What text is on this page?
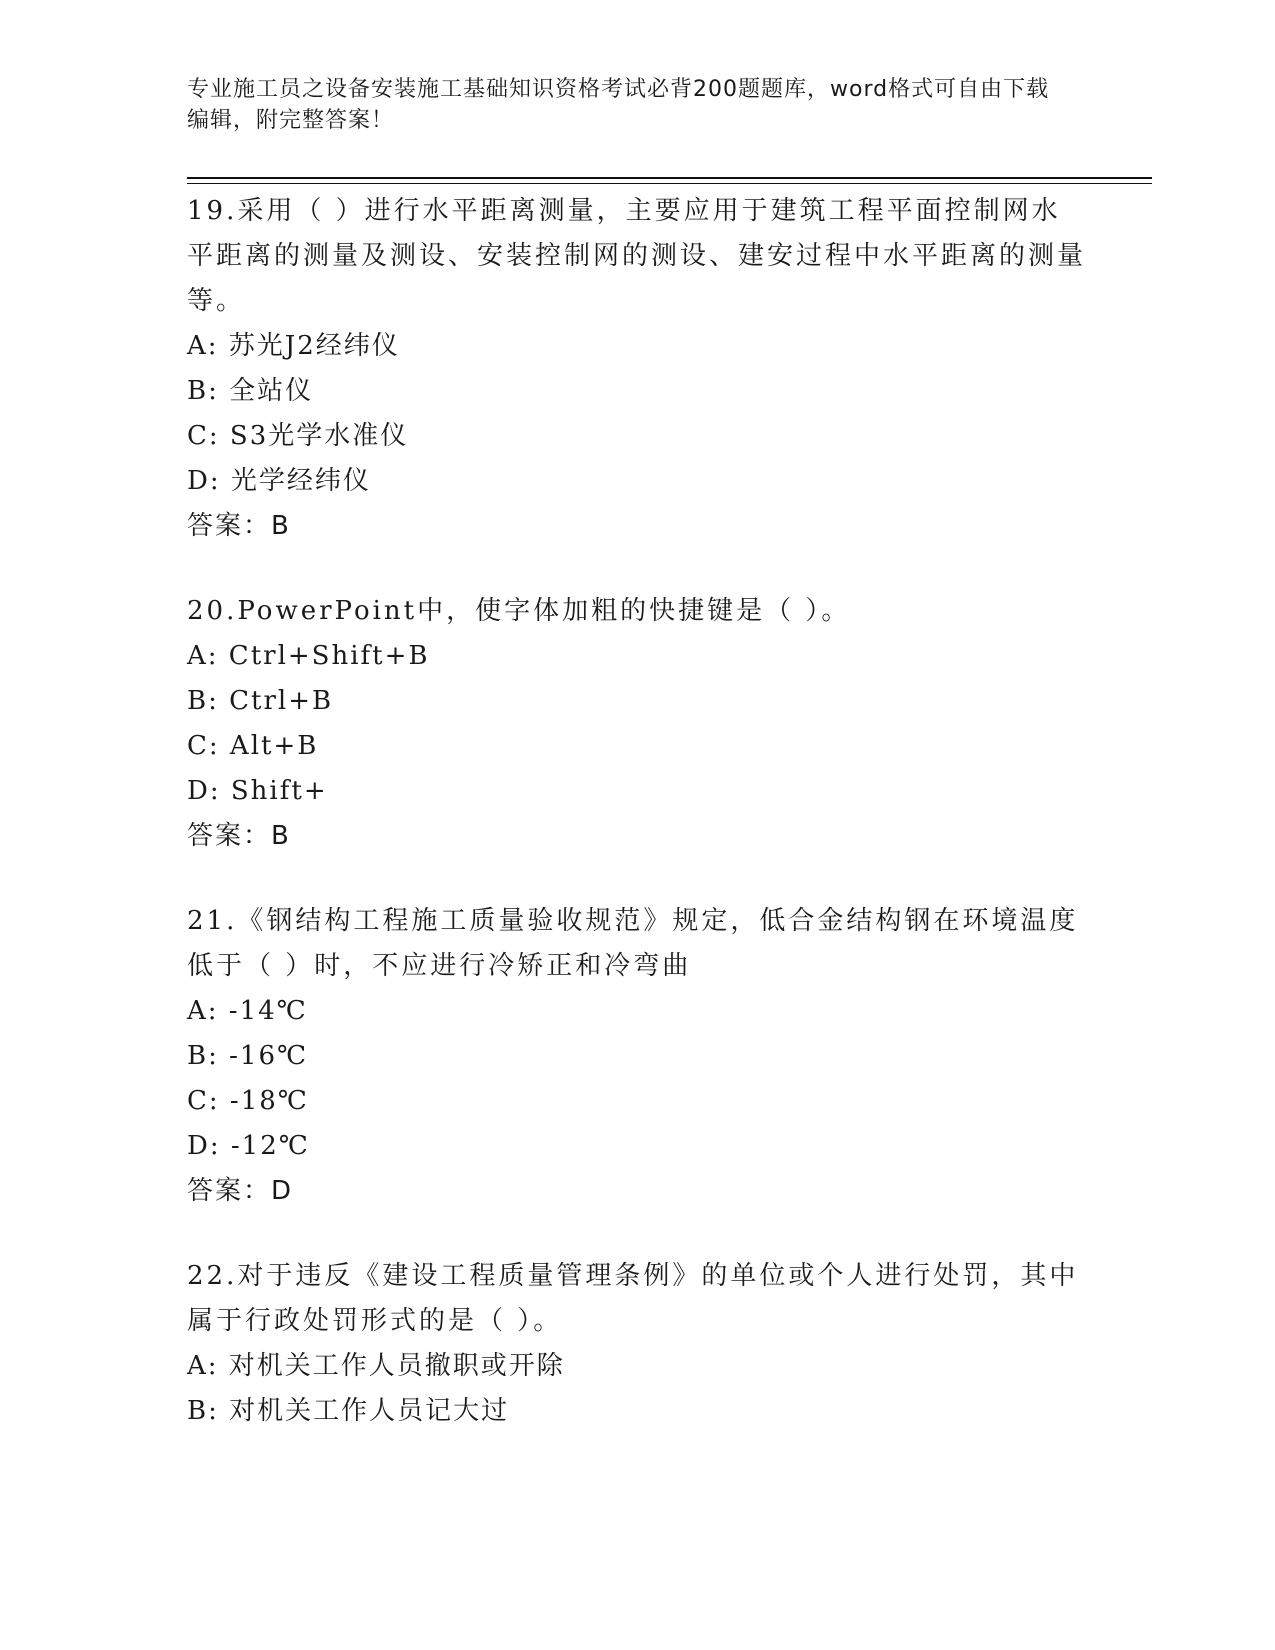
专业施工员之设备安装施工基础知识资格考试必背200题题库，word格式可自由下载编辑，附完整答案！

19.采用（ ）进行水平距离测量，主要应用于建筑工程平面控制网水平距离的测量及测设、安装控制网的测设、建安过程中水平距离的测量等。

A: 苏光J2经纬仪

B: 全站仪

C: S3光学水准仪

D: 光学经纬仪

答案：B

20.PowerPoint中，使字体加粗的快捷键是（ ）。

A: Ctrl+Shift+B

B: Ctrl+B

C: Alt+B

D: Shift+

答案：B

21.《钢结构工程施工质量验收规范》规定，低合金结构钢在环境温度低于（ ）时，不应进行冷矫正和冷弯曲

A: -14℃

B: -16℃

C: -18℃

D: -12℃

答案：D

22.对于违反《建设工程质量管理条例》的单位或个人进行处罚，其中属于行政处罚形式的是（ ）。

A: 对机关工作人员撤职或开除

B: 对机关工作人员记大过
